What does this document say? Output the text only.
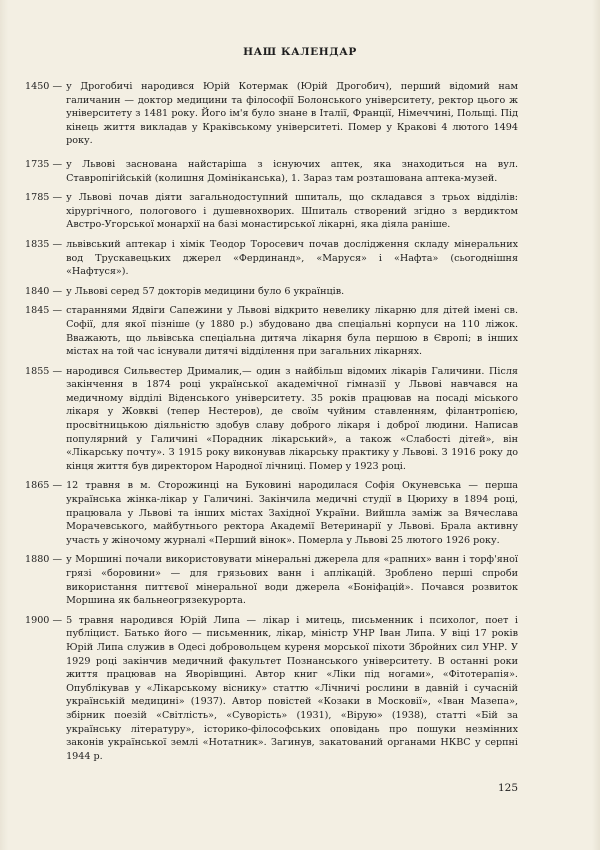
НАШ КАЛЕНДАР
1450 — у Дрогобичі народився Юрій Котермак (Юрій Дрогобич), перший відомий нам галичанин — доктор медицини та філософії Болонського університету, ректор цього ж університету з 1481 року. Його ім'я було знане в Італії, Франції, Німеччині, Польщі. Під кінець життя викладав у Краківському університеті. Помер у Кракові 4 лютого 1494 року.
1735 — у Львові заснована найстаріша з існуючих аптек, яка знаходиться на вул. Ставропігійській (колишня Домініканська), 1. Зараз там розташована аптека-музей.
1785 — у Львові почав діяти загальнодоступний шпиталь, що складався з трьох відділів: хірургічного, пологового і душевнохворих. Шпиталь створений згідно з вердиктом Австро-Угорської монархії на базі монастирської лікарні, яка діяла раніше.
1835 — львівський аптекар і хімік Теодор Торосевич почав дослідження складу мінеральних вод Трускавецьких джерел «Фердинанд», «Маруся» і «Нафта» (сьогоднішня «Нафтуся»).
1840 — у Львові серед 57 докторів медицини було 6 українців.
1845 — стараннями Ядвіги Сапежини у Львові відкрито невелику лікарню для дітей імені св. Софії, для якої пізніше (у 1880 р.) збудовано два спеціальні корпуси на 110 ліжок. Вважають, що львівська спеціальна дитяча лікарня була першою в Європі; в інших містах на той час існували дитячі відділення при загальних лікарнях.
1855 — народився Сильвестер Дрималик,— один з найбільш відомих лікарів Галичини. Після закінчення в 1874 році української академічної гімназії у Львові навчався на медичному відділі Віденського університету. 35 років працював на посаді міського лікаря у Жовкві (тепер Нестеров), де своїм чуйним ставленням, філантропією, просвітницькою діяльністю здобув славу доброго лікаря і доброї людини. Написав популярний у Галичині «Порадник лікарський», а також «Слабості дітей», він «Лікарську почту». З 1915 року виконував лікарську практику у Львові. З 1916 року до кінця життя був директором Народної лічниці. Помер у 1923 році.
1865 — 12 травня в м. Сторожинці на Буковині народилася Софія Окуневська — перша українська жінка-лікар у Галичині. Закінчила медичні студії в Цюриху в 1894 році, працювала у Львові та інших містах Західної України. Вийшла заміж за Вячеслава Морачевського, майбутнього ректора Академії Ветеринарії у Львові. Брала активну участь у жіночому журналі «Перший вінок». Померла у Львові 25 лютого 1926 року.
1880 — у Моршині почали використовувати мінеральні джерела для «рапних» ванн і торф'яної грязі «боровини» — для грязьових ванн і аплікацій. Зроблено перші спроби використання питтєвої мінеральної води джерела «Боніфацій». Почався розвиток Моршина як бальнеогрязекурорта.
1900 — 5 травня народився Юрій Липа — лікар і митець, письменник і психолог, поет і публіцист. Батько його — письменник, лікар, міністр УНР Іван Липа. У віці 17 років Юрій Липа служив в Одесі добровольцем куреня морської піхоти Збройних сил УНР. У 1929 році закінчив медичний факультет Познанського університету. В останні роки життя працював на Яворівщині. Автор книг «Ліки під ногами», «Фітотерапія». Опублікував у «Лікарському віснику» статтю «Лічничі рослини в давній і сучасній українській медицині» (1937). Автор повістей «Козаки в Московії», «Іван Мазепа», збірник поезій «Світлість», «Суворість» (1931), «Вірую» (1938), статті «Бій за українську літературу», історико-філософських оповідань про пошуки незмінних законів української землі «Нотатник». Загинув, закатований органами НКВС у серпні 1944 р.
125
